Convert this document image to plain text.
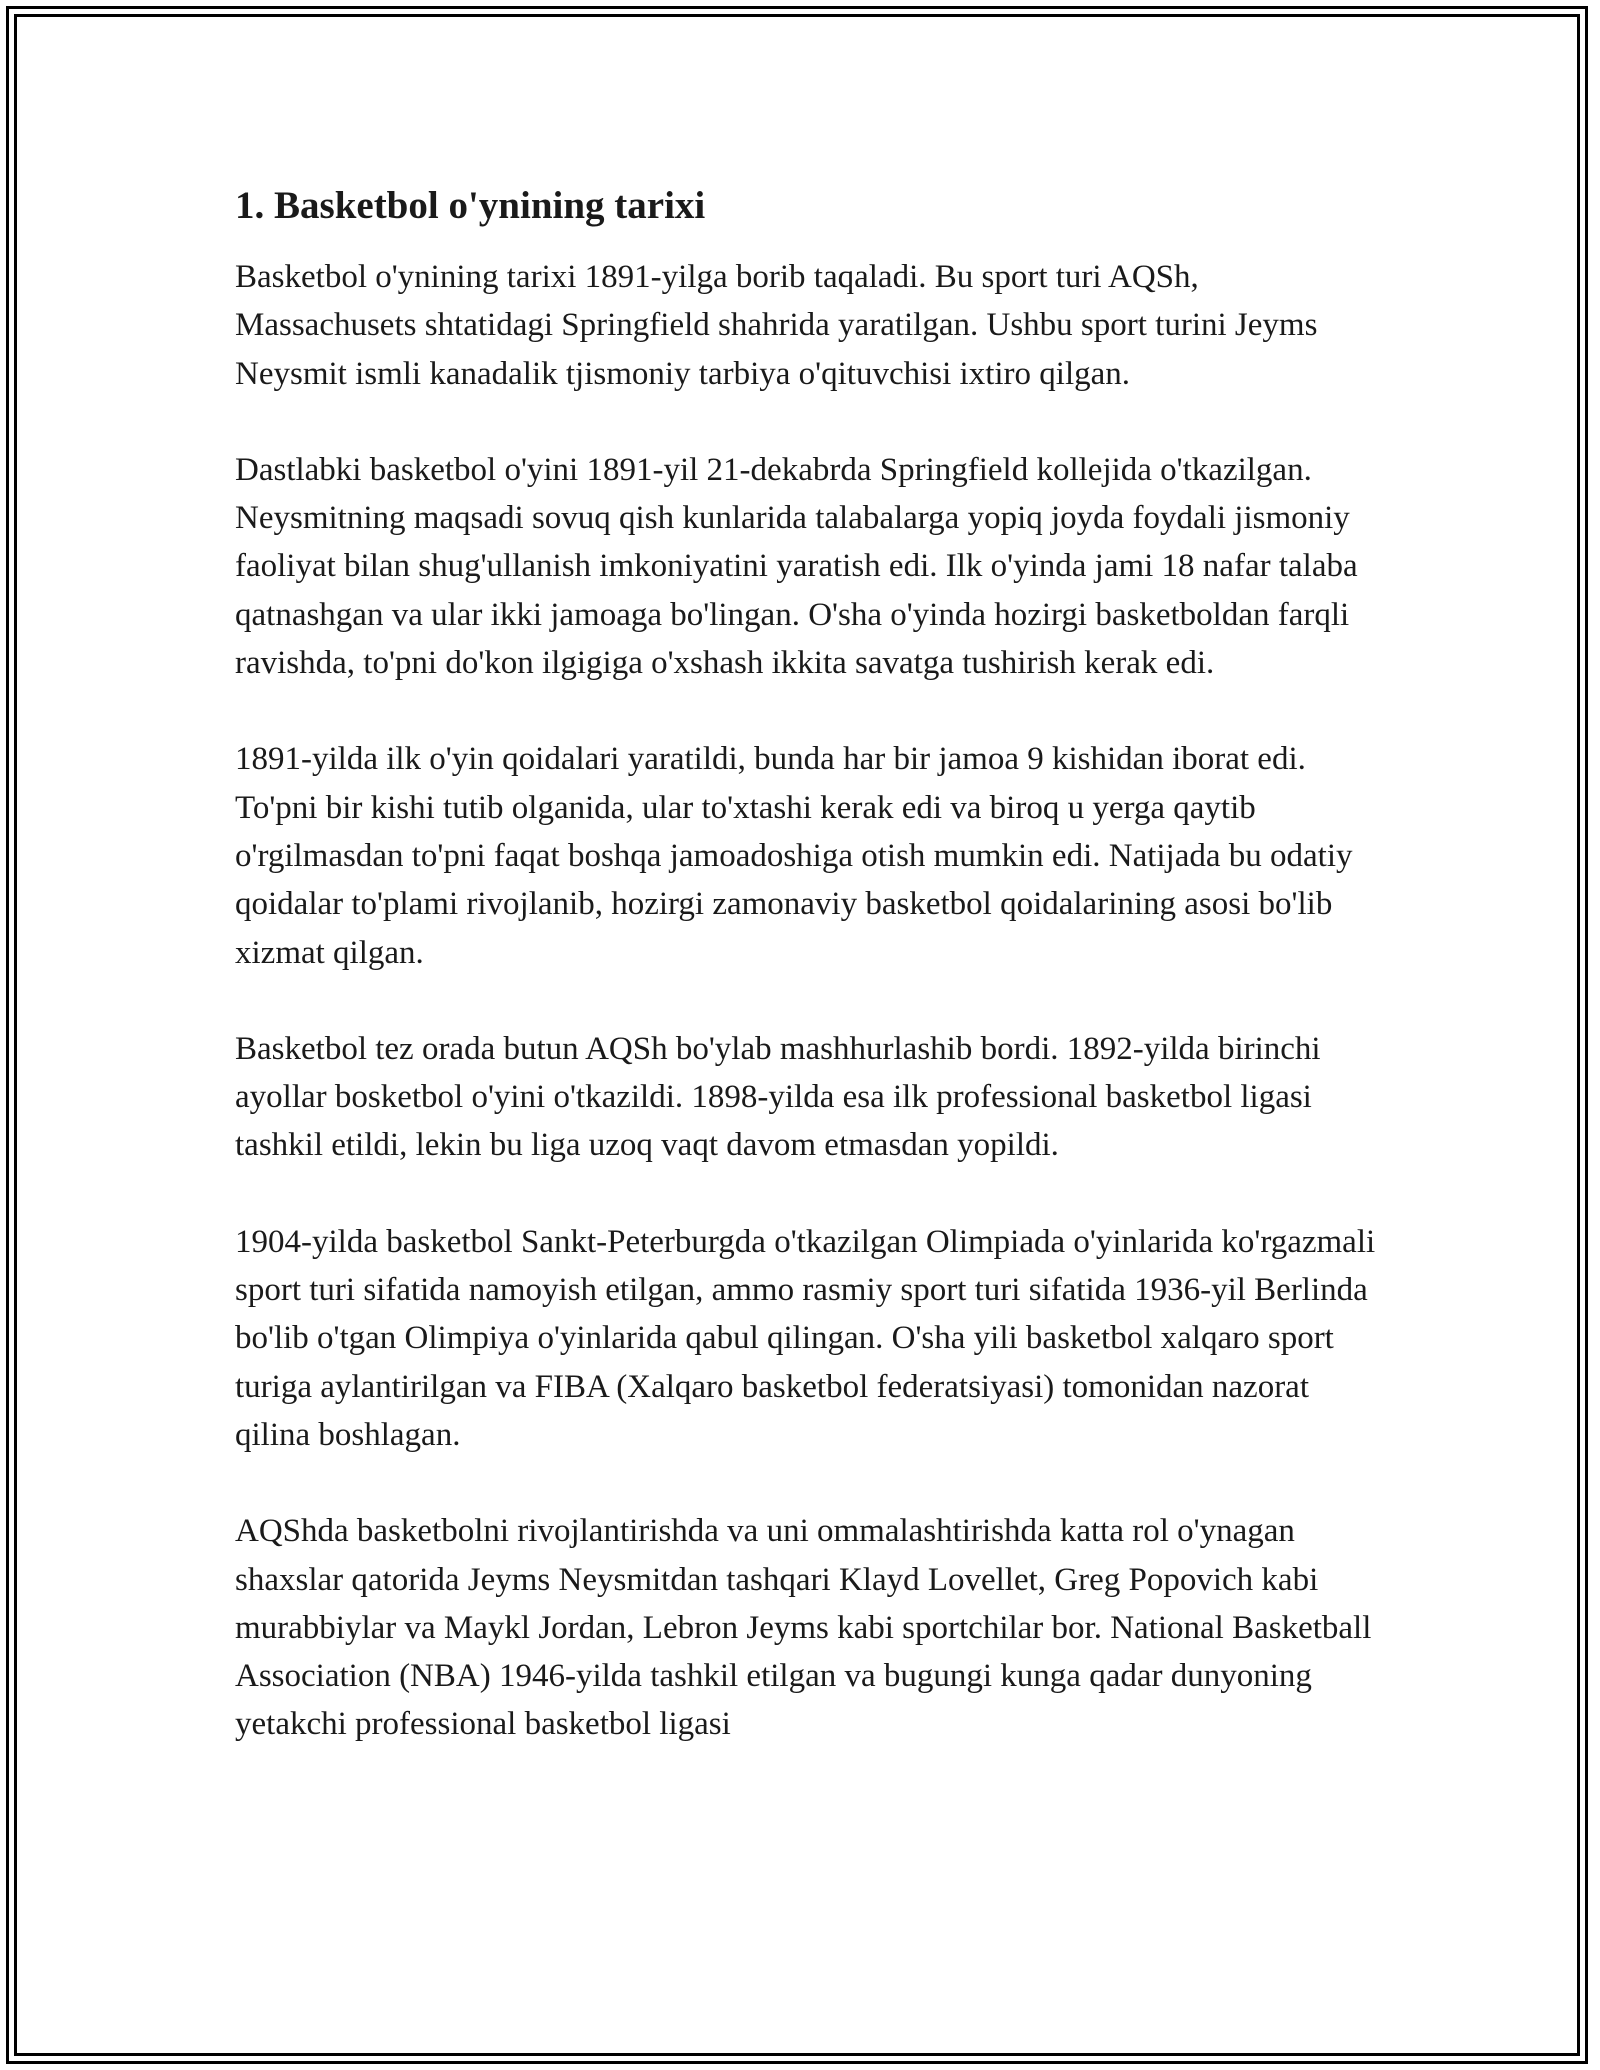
1. Basketbol o'ynining tarixi

Basketbol o'ynining tarixi 1891-yilga borib taqaladi. Bu sport turi AQSh, Massachusets shtatidagi Springfield shahrida yaratilgan. Ushbu sport turini Jeyms Neysmit ismli kanadalik tjismoniy tarbiya o'qituvchisi ixtiro qilgan.

Dastlabki basketbol o'yini 1891-yil 21-dekabrda Springfield kollejida o'tkazilgan. Neysmitning maqsadi sovuq qish kunlarida talabalarga yopiq joyda foydali jismoniy faoliyat bilan shug'ullanish imkoniyatini yaratish edi. Ilk o'yinda jami 18 nafar talaba qatnashgan va ular ikki jamoaga bo'lingan. O'sha o'yinda hozirgi basketboldan farqli ravishda, to'pni do'kon ilgigiga o'xshash ikkita savatga tushirish kerak edi.

1891-yilda ilk o'yin qoidalari yaratildi, bunda har bir jamoa 9 kishidan iborat edi. To'pni bir kishi tutib olganida, ular to'xtashi kerak edi va biroq u yerga qaytib o'rgilmasdan to'pni faqat boshqa jamoadoshiga otish mumkin edi. Natijada bu odatiy qoidalar to'plami rivojlanib, hozirgi zamonaviy basketbol qoidalarining asosi bo'lib xizmat qilgan.

Basketbol tez orada butun AQSh bo'ylab mashhurlashib bordi. 1892-yilda birinchi ayollar bosketbol o'yini o'tkazildi. 1898-yilda esa ilk professional basketbol ligasi tashkil etildi, lekin bu liga uzoq vaqt davom etmasdan yopildi.

1904-yilda basketbol Sankt-Peterburgda o'tkazilgan Olimpiada o'yinlarida ko'rgazmali sport turi sifatida namoyish etilgan, ammo rasmiy sport turi sifatida 1936-yil Berlinda bo'lib o'tgan Olimpiya o'yinlarida qabul qilingan. O'sha yili basketbol xalqaro sport turiga aylantirilgan va FIBA (Xalqaro basketbol federatsiyasi) tomonidan nazorat qilina boshlagan.

AQShda basketbolni rivojlantirishda va uni ommalashtirishda katta rol o'ynagan shaxslar qatorida Jeyms Neysmitdan tashqari Klayd Lovellet, Greg Popovich kabi murabbiylar va Maykl Jordan, Lebron Jeyms kabi sportchilar bor. National Basketball Association (NBA) 1946-yilda tashkil etilgan va bugungi kunga qadar dunyoning yetakchi professional basketbol ligasi
